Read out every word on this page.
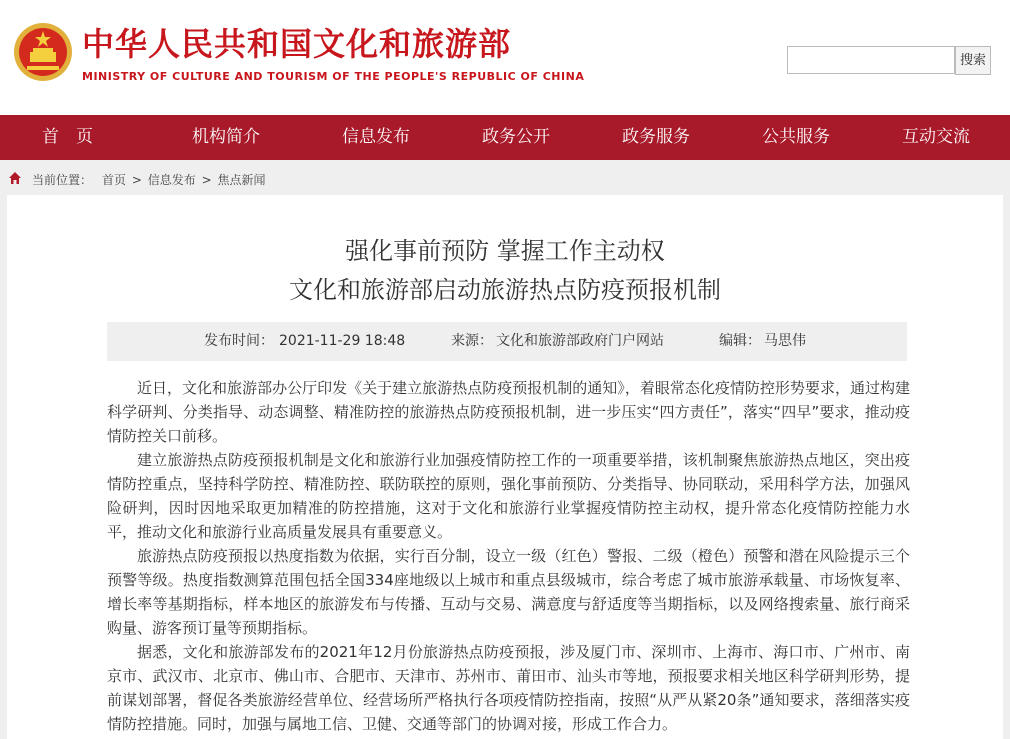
中华人民共和国文化和旅游部
MINISTRY OF CULTURE AND TOURISM OF THE PEOPLE'S REPUBLIC OF CHINA
搜索
首　页	机构简介	信息发布	政务公开	政务服务	公共服务	互动交流
当前位置： 首页 > 信息发布 > 焦点新闻
强化事前预防 掌握工作主动权
文化和旅游部启动旅游热点防疫预报机制
发布时间： 2021-11-29 18:48	来源： 文化和旅游部政府门户网站	编辑： 马思伟

近日，文化和旅游部办公厅印发《关于建立旅游热点防疫预报机制的通知》，着眼常态化疫情防控形势要求，通过构建科学研判、分类指导、动态调整、精准防控的旅游热点防疫预报机制，进一步压实“四方责任”，落实“四早”要求，推动疫情防控关口前移。

建立旅游热点防疫预报机制是文化和旅游行业加强疫情防控工作的一项重要举措，该机制聚焦旅游热点地区，突出疫情防控重点，坚持科学防控、精准防控、联防联控的原则，强化事前预防、分类指导、协同联动，采用科学方法，加强风险研判，因时因地采取更加精准的防控措施，这对于文化和旅游行业掌握疫情防控主动权，提升常态化疫情防控能力水平，推动文化和旅游行业高质量发展具有重要意义。

旅游热点防疫预报以热度指数为依据，实行百分制，设立一级（红色）警报、二级（橙色）预警和潜在风险提示三个预警等级。热度指数测算范围包括全国334座地级以上城市和重点县级城市，综合考虑了城市旅游承载量、市场恢复率、增长率等基期指标，样本地区的旅游发布与传播、互动与交易、满意度与舒适度等当期指标，以及网络搜索量、旅行商采购量、游客预订量等预期指标。

据悉，文化和旅游部发布的2021年12月份旅游热点防疫预报，涉及厦门市、深圳市、上海市、海口市、广州市、南京市、武汉市、北京市、佛山市、合肥市、天津市、苏州市、莆田市、汕头市等地，预报要求相关地区科学研判形势，提前谋划部署，督促各类旅游经营单位、经营场所严格执行各项疫情防控指南，按照“从严从紧20条”通知要求，落细落实疫情防控措施。同时，加强与属地工信、卫健、交通等部门的协调对接，形成工作合力。
